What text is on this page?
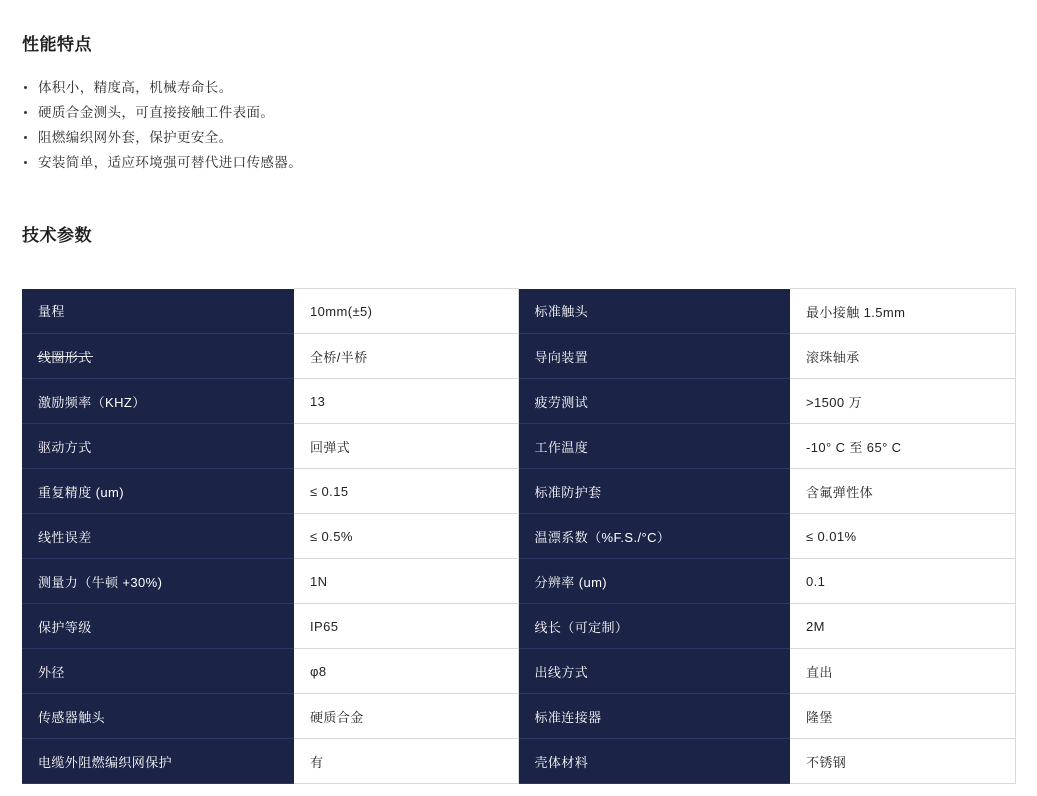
性能特点
体积小，精度高，机械寿命长。
硬质合金测头，可直接接触工件表面。
阻燃编织网外套，保护更安全。
安装简单，适应环境强可替代进口传感器。
技术参数
量程	10mm(±5)	标准触头	最小接触 1.5mm
线圈形式	全桥/半桥	导向装置	滚珠轴承
激励频率（KHZ）	13	疲劳测试	>1500 万
驱动方式	回弹式	工作温度	-10° C 至 65° C
重复精度 (um)	≤ 0.15	标准防护套	含氟弹性体
线性误差	≤ 0.5%	温漂系数（%F.S./°C）	≤ 0.01%
测量力（牛顿 +30%)	1N	分辨率 (um)	0.1
保护等级	IP65	线长（可定制）	2M
外径	φ8	出线方式	直出
传感器触头	硬质合金	标准连接器	隆堡
电缆外阻燃编织网保护	有	壳体材料	不锈钢
